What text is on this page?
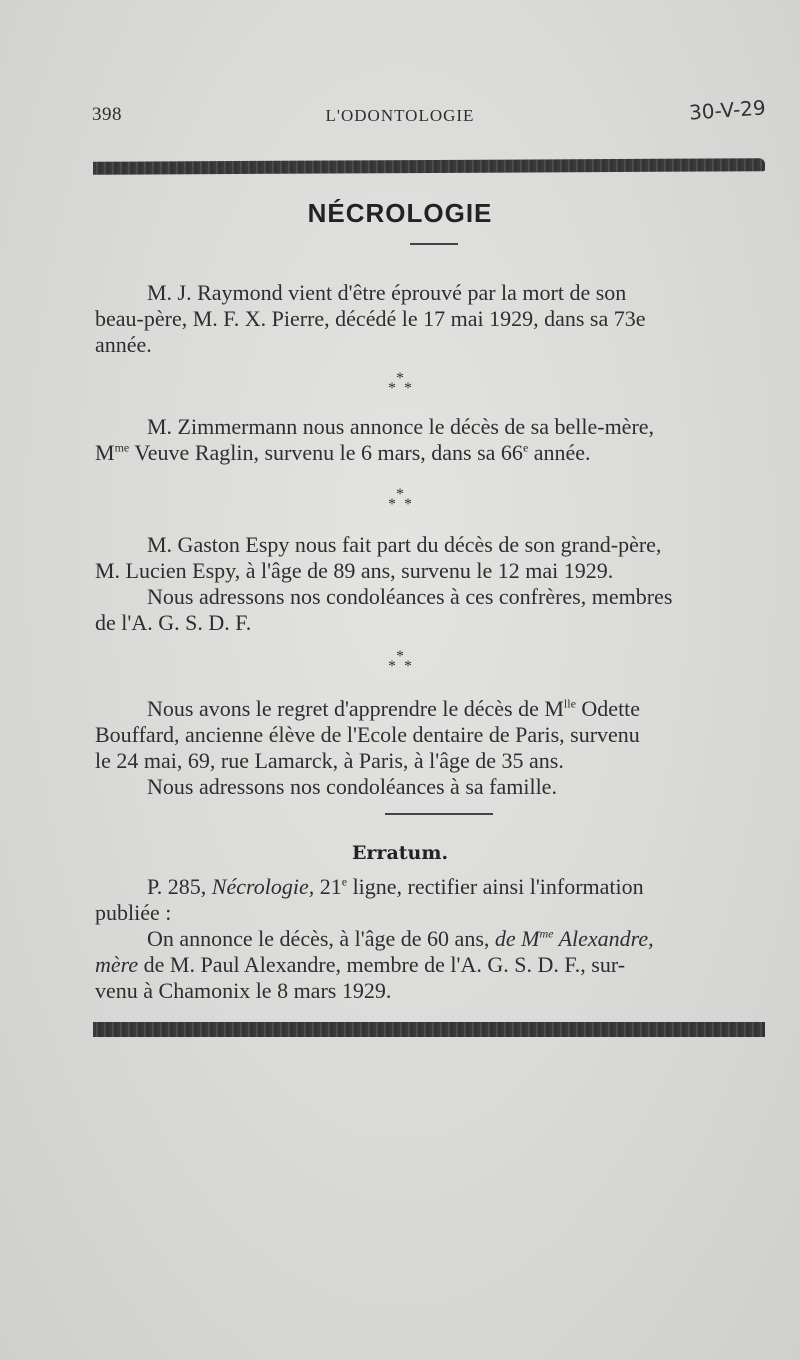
398	L'ODONTOLOGIE	30-V-29
NÉCROLOGIE

M. J. Raymond vient d'être éprouvé par la mort de son

beau-père, M. F. X. Pierre, décédé le 17 mai 1929, dans sa 73e

année.

*
* *

M. Zimmermann nous annonce le décès de sa belle-mère,

$M^{me}$ Veuve Raglin, survenu le 6 mars, dans sa 66e année.

*
* *

M. Gaston Espy nous fait part du décès de son grand-père,

M. Lucien Espy, à l'âge de 89 ans, survenu le 12 mai 1929.

Nous adressons nos condoléances à ces confrères, membres

de l'A. G. S. D. F.

*
* *

Nous avons le regret d'apprendre le décès de $M^{lle}$ Odette

Bouffard, ancienne élève de l'Ecole dentaire de Paris, survenu

le 24 mai, 69, rue Lamarck, à Paris, à l'âge de 35 ans.

Nous adressons nos condoléances à sa famille.

Erratum.

P. 285, Nécrologie, 21e ligne, rectifier ainsi l'information

publiée :

On annonce le décès, à l'âge de 60 ans, de $M^{me}$ Alexandre,

mère de M. Paul Alexandre, membre de l'A. G. S. D. F., sur-

venu à Chamonix le 8 mars 1929.
